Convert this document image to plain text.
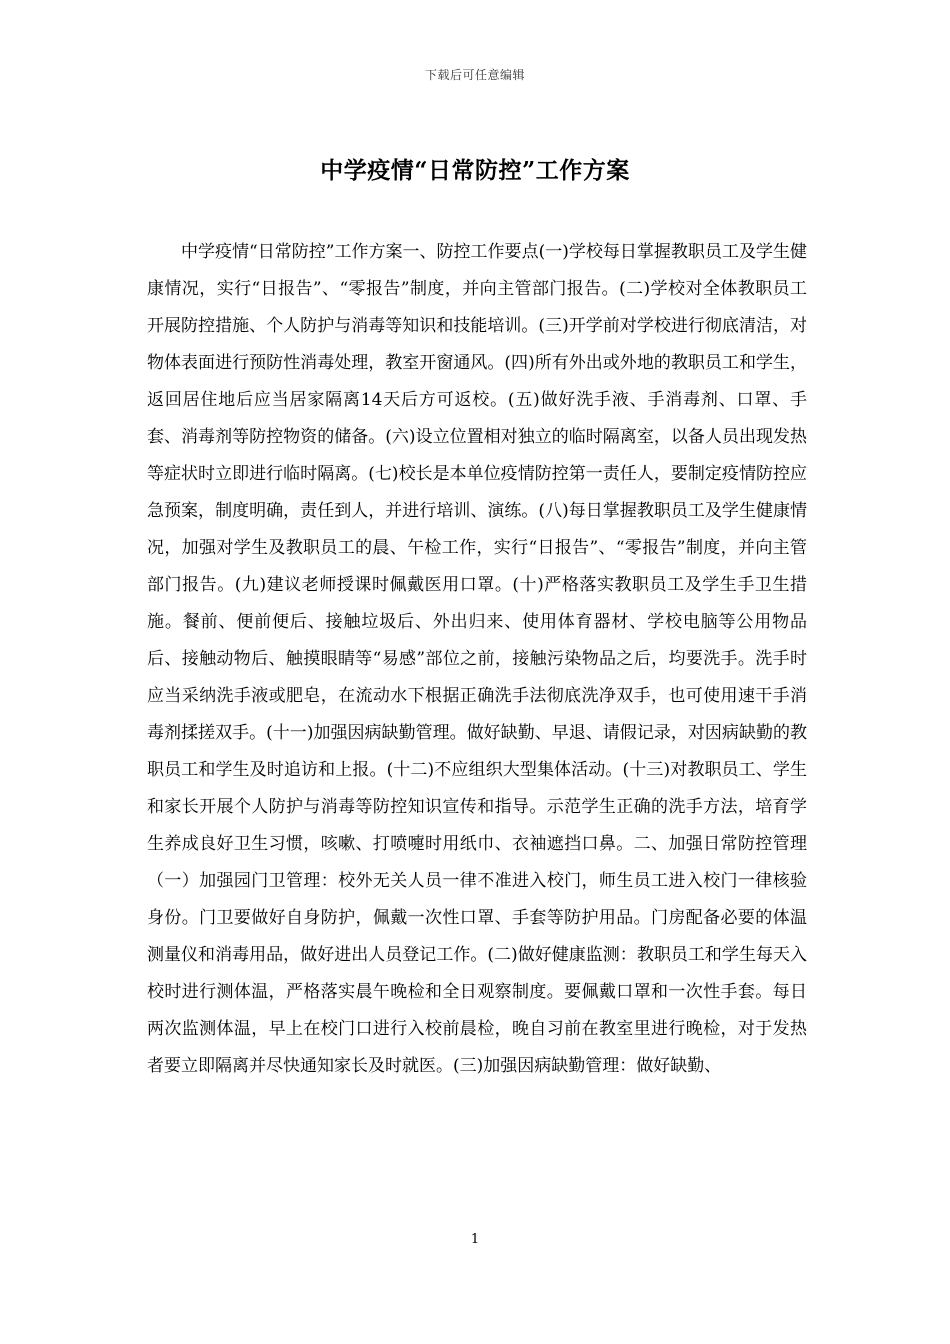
下载后可任意编辑
中学疫情“日常防控”工作方案

中学疫情“日常防控”工作方案一、防控工作要点(一)学校每日掌握教职员工及学生健康情况，实行“日报告”、“零报告”制度，并向主管部门报告。(二)学校对全体教职员工开展防控措施、个人防护与消毒等知识和技能培训。(三)开学前对学校进行彻底清洁，对物体表面进行预防性消毒处理，教室开窗通风。(四)所有外出或外地的教职员工和学生，返回居住地后应当居家隔离14天后方可返校。(五)做好洗手液、手消毒剂、口罩、手套、消毒剂等防控物资的储备。(六)设立位置相对独立的临时隔离室，以备人员出现发热等症状时立即进行临时隔离。(七)校长是本单位疫情防控第一责任人，要制定疫情防控应急预案，制度明确，责任到人，并进行培训、演练。(八)每日掌握教职员工及学生健康情况，加强对学生及教职员工的晨、午检工作，实行“日报告”、“零报告”制度，并向主管部门报告。(九)建议老师授课时佩戴医用口罩。(十)严格落实教职员工及学生手卫生措施。餐前、便前便后、接触垃圾后、外出归来、使用体育器材、学校电脑等公用物品后、接触动物后、触摸眼睛等“易感”部位之前，接触污染物品之后，均要洗手。洗手时应当采纳洗手液或肥皂，在流动水下根据正确洗手法彻底洗净双手，也可使用速干手消毒剂揉搓双手。(十一)加强因病缺勤管理。做好缺勤、早退、请假记录，对因病缺勤的教职员工和学生及时追访和上报。(十二)不应组织大型集体活动。(十三)对教职员工、学生和家长开展个人防护与消毒等防控知识宣传和指导。示范学生正确的洗手方法，培育学生养成良好卫生习惯，咳嗽、打喷嚏时用纸巾、衣袖遮挡口鼻。二、加强日常防控管理（一）加强园门卫管理：校外无关人员一律不准进入校门，师生员工进入校门一律核验身份。门卫要做好自身防护，佩戴一次性口罩、手套等防护用品。门房配备必要的体温测量仪和消毒用品，做好进出人员登记工作。(二)做好健康监测：教职员工和学生每天入校时进行测体温，严格落实晨午晚检和全日观察制度。要佩戴口罩和一次性手套。每日两次监测体温，早上在校门口进行入校前晨检，晚自习前在教室里进行晚检，对于发热者要立即隔离并尽快通知家长及时就医。(三)加强因病缺勤管理：做好缺勤、

1
